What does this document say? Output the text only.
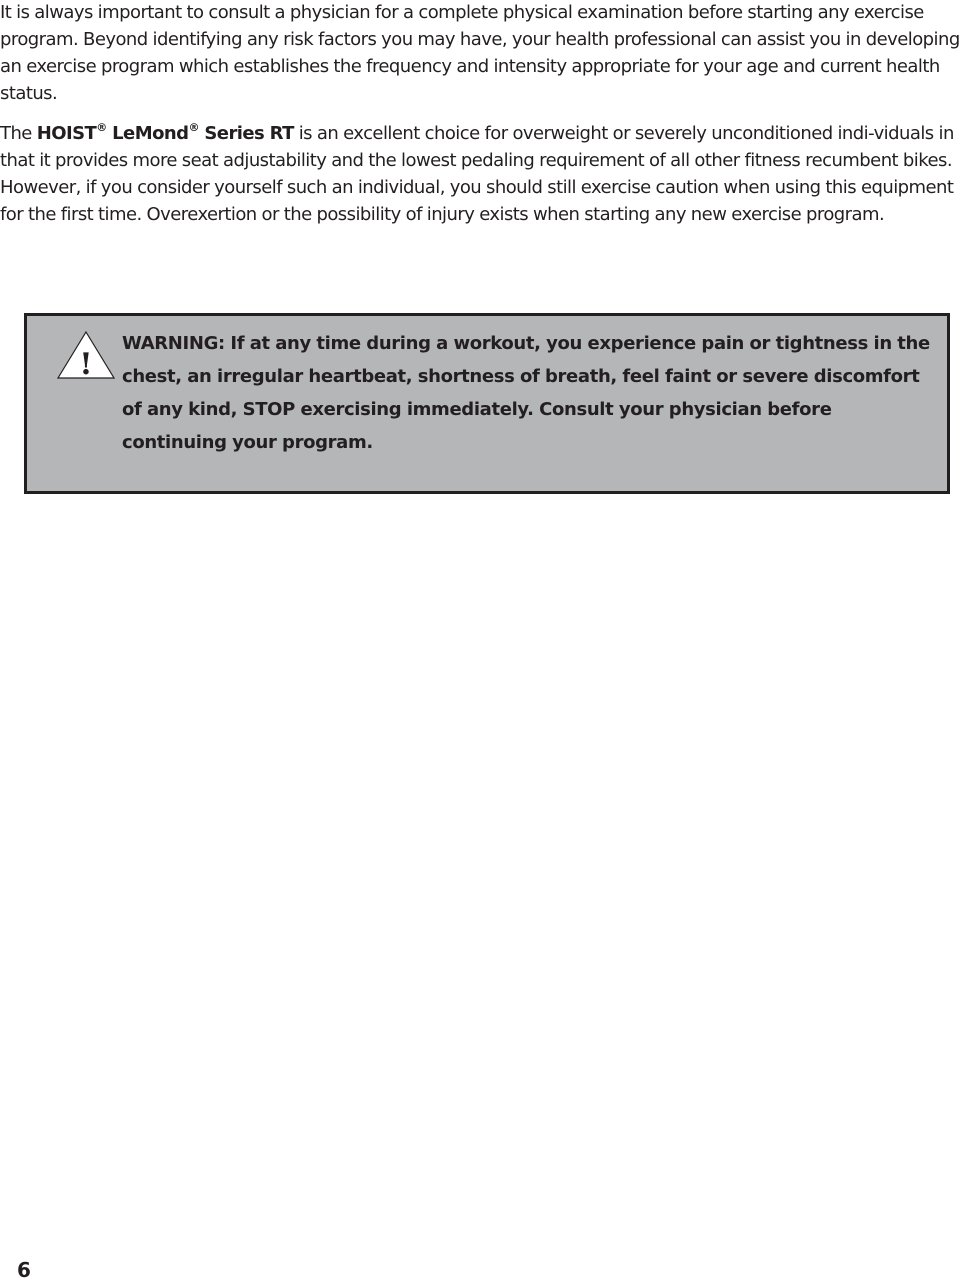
It is always important to consult a physician for a complete physical examination before starting any exercise program. Beyond identifying any risk factors you may have, your health professional can assist you in developing an exercise program which establishes the frequency and intensity appropriate for your age and current health status.

The HOIST® LeMond® Series RT is an excellent choice for overweight or severely unconditioned indi-viduals in that it provides more seat adjustability and the lowest pedaling requirement of all other fitness recumbent bikes. However, if you consider yourself such an individual, you should still exercise caution when using this equipment for the first time. Overexertion or the possibility of injury exists when starting any new exercise program.

!

WARNING: If at any time during a workout, you experience pain or tightness in the chest, an irregular heartbeat, shortness of breath, feel faint or severe discomfort of any kind, STOP exercising immediately. Consult your physician before continuing your program.

6
